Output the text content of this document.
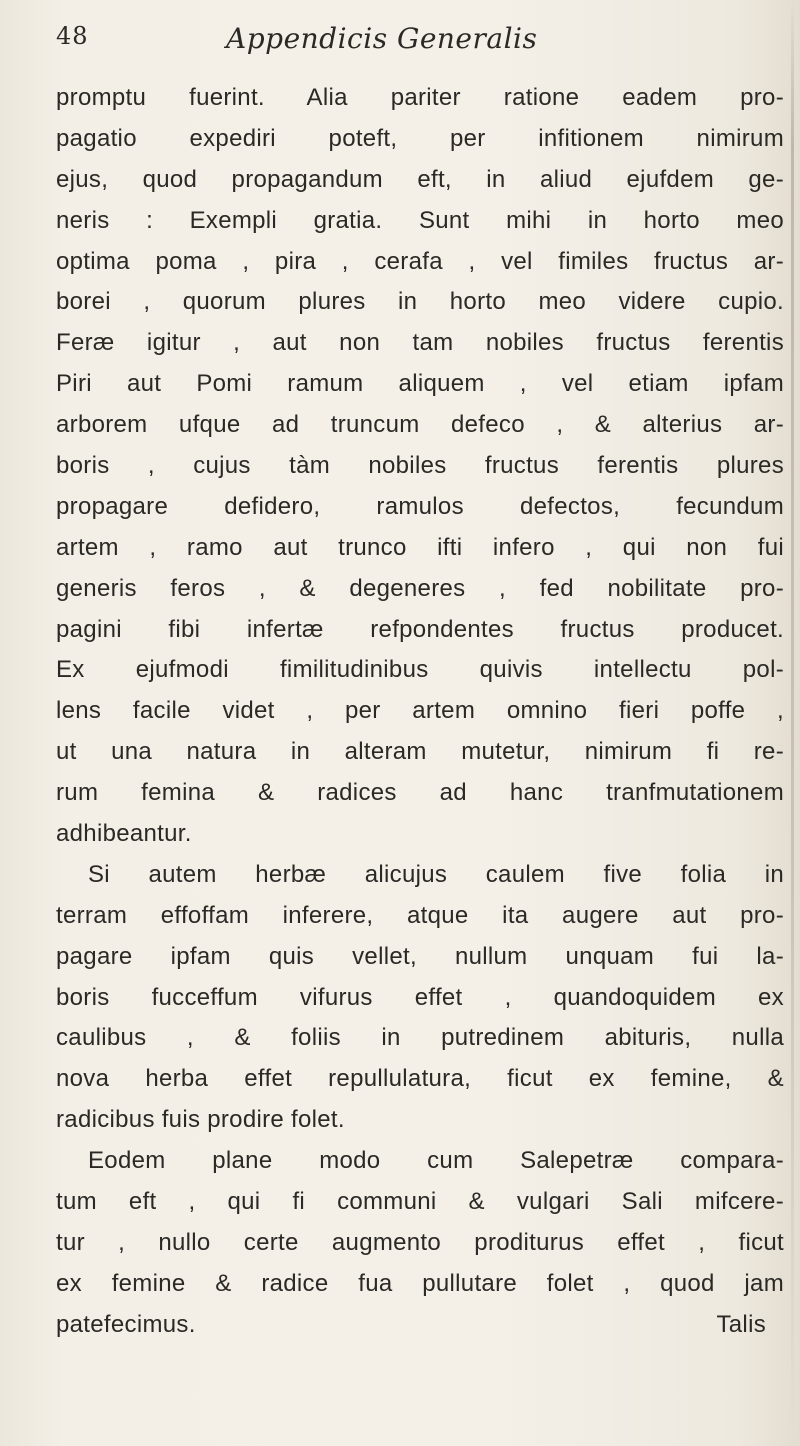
48	Appendicis Generalis
promptu fuerint. Alia pariter ratione eadem pro-
pagatio expediri poteft, per infitionem nimirum
ejus, quod propagandum eft, in aliud ejufdem ge-
neris : Exempli gratia. Sunt mihi in horto meo
optima poma , pira , cerafa , vel fimiles fructus ar-
borei , quorum plures in horto meo videre cupio.
Feræ igitur , aut non tam nobiles fructus ferentis
Piri aut Pomi ramum aliquem , vel etiam ipfam
arborem ufque ad truncum defeco , & alterius ar-
boris , cujus tàm nobiles fructus ferentis plures
propagare defidero, ramulos defectos, fecundum
artem , ramo aut trunco ifti infero , qui non fui
generis feros , & degeneres , fed nobilitate pro-
pagini fibi infertæ refpondentes fructus producet.
Ex ejufmodi fimilitudinibus quivis intellectu pol-
lens facile videt , per artem omnino fieri poffe ,
ut una natura in alteram mutetur, nimirum fi re-
rum femina & radices ad hanc tranfmutationem
adhibeantur.
Si autem herbæ alicujus caulem five folia in
terram effoffam inferere, atque ita augere aut pro-
pagare ipfam quis vellet, nullum unquam fui la-
boris fucceffum vifurus effet , quandoquidem ex
caulibus , & foliis in putredinem abituris, nulla
nova herba effet repullulatura, ficut ex femine, &
radicibus fuis prodire folet.
Eodem plane modo cum Salepetræ compara-
tum eft , qui fi communi & vulgari Sali mifcere-
tur , nullo certe augmento proditurus effet , ficut
ex femine & radice fua pullutare folet , quod jam
patefecimus.	Talis
